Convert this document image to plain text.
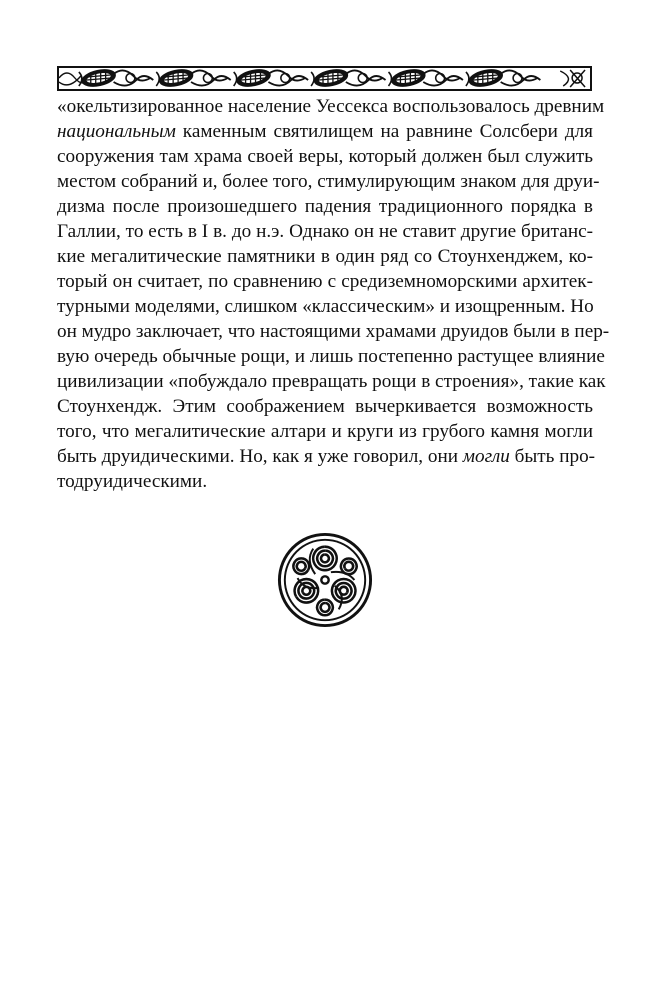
«окельтизированное население Уессекса воспользовалось древним
национальным каменным святилищем на равнине Солсбери для
сооружения там храма своей веры, который должен был служить
местом собраний и, более того, стимулирующим знаком для друи-
дизма после произошедшего падения традиционного порядка в
Галлии, то есть в I в. до н.э. Однако он не ставит другие британс-
кие мегалитические памятники в один ряд со Стоунхенджем, ко-
торый он считает, по сравнению с средиземноморскими архитек-
турными моделями, слишком «классическим» и изощренным. Но
он мудро заключает, что настоящими храмами друидов были в пер-
вую очередь обычные рощи, и лишь постепенно растущее влияние
цивилизации «побуждало превращать рощи в строения», такие как
Стоунхендж. Этим соображением вычеркивается возможность
того, что мегалитические алтари и круги из грубого камня могли
быть друидическими. Но, как я уже говорил, они могли быть про-
тодруидическими.
